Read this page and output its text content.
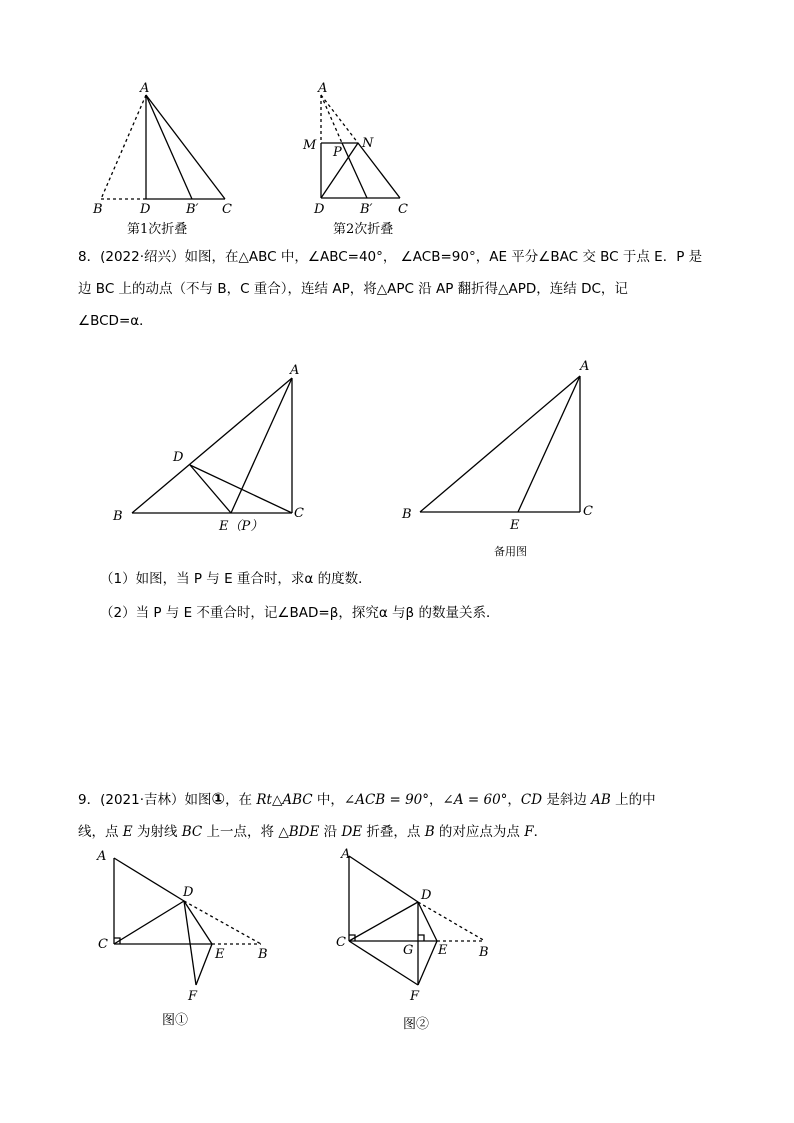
A
B	D	B′ C
第1次折叠
A
M P
N
D	B′ C
第2次折叠
8．(2022·绍兴）如图，在△ABC 中，∠ABC=40°， ∠ACB=90°，AE 平分∠BAC 交 BC 于点 E．P 是
边 BC 上的动点（不与 B，C 重合），连结 AP，将△APC 沿 AP 翻折得△APD，连结 DC，记
∠BCD=α．
A
D
B
E（P）
C
A
B
E
C
备用图
（1）如图，当 P 与 E 重合时，求α 的度数．
（2）当 P 与 E 不重合时，记∠BAD=β，探究α 与β 的数量关系．
9．(2021·吉林）如图①，在 Rt△ABC 中，∠ACB = 90°，∠A = 60°，CD 是斜边 AB 上的中
线，点 E 为射线 BC 上一点，将 △BDE 沿 DE 折叠，点 B 的对应点为点 F．
A
D
C
E	B
F
图①
A
D
C
G E B
F
图②
